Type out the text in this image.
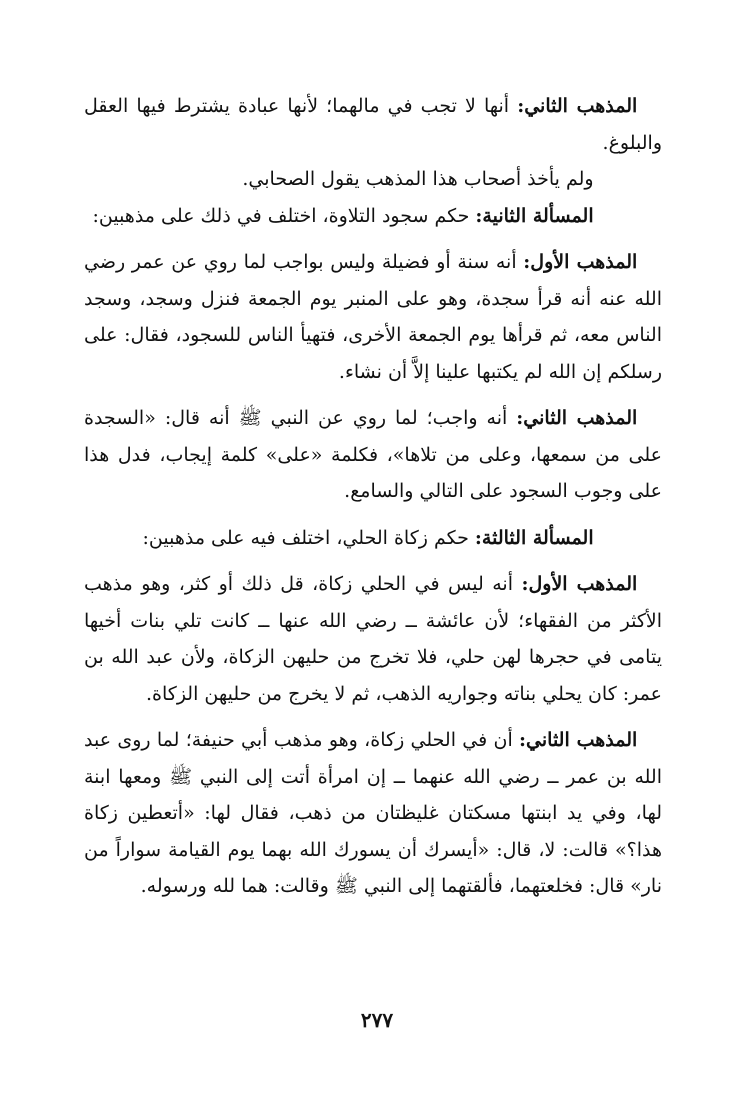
المذهب الثاني: أنها لا تجب في مالهما؛ لأنها عبادة يشترط فيها العقل والبلوغ.

ولم يأخذ أصحاب هذا المذهب يقول الصحابي.

المسألة الثانية: حكم سجود التلاوة، اختلف في ذلك على مذهبين:

المذهب الأول: أنه سنة أو فضيلة وليس بواجب لما روي عن عمر رضي الله عنه أنه قرأ سجدة، وهو على المنبر يوم الجمعة فنزل وسجد، وسجد الناس معه، ثم قرأها يوم الجمعة الأخرى، فتهيأ الناس للسجود، فقال: على رسلكم إن الله لم يكتبها علينا إلاَّ أن نشاء.

المذهب الثاني: أنه واجب؛ لما روي عن النبي ﷺ أنه قال: «السجدة على من سمعها، وعلى من تلاها»، فكلمة «على» كلمة إيجاب، فدل هذا على وجوب السجود على التالي والسامع.

المسألة الثالثة: حكم زكاة الحلي، اختلف فيه على مذهبين:

المذهب الأول: أنه ليس في الحلي زكاة، قل ذلك أو كثر، وهو مذهب الأكثر من الفقهاء؛ لأن عائشة ــ رضي الله عنها ــ كانت تلي بنات أخيها يتامى في حجرها لهن حلي، فلا تخرج من حليهن الزكاة، ولأن عبد الله بن عمر: كان يحلي بناته وجواريه الذهب، ثم لا يخرج من حليهن الزكاة.

المذهب الثاني: أن في الحلي زكاة، وهو مذهب أبي حنيفة؛ لما روى عبد الله بن عمر ــ رضي الله عنهما ــ إن امرأة أتت إلى النبي ﷺ ومعها ابنة لها، وفي يد ابنتها مسكتان غليظتان من ذهب، فقال لها: «أتعطين زكاة هذا؟» قالت: لا، قال: «أيسرك أن يسورك الله بهما يوم القيامة سواراً من نار» قال: فخلعتهما، فألقتهما إلى النبي ﷺ وقالت: هما لله ورسوله.

٢٧٧
